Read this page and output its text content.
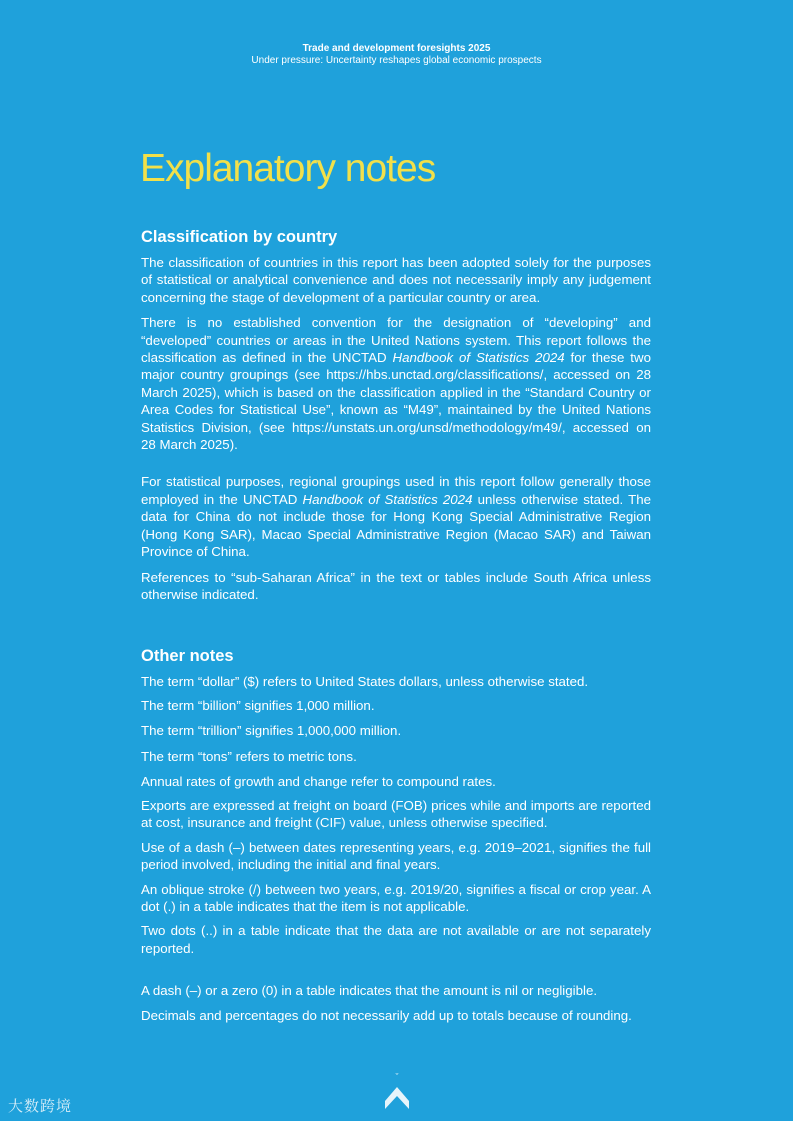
Trade and development foresights 2025
Under pressure: Uncertainty reshapes global economic prospects
Explanatory notes
Classification by country

The classification of countries in this report has been adopted solely for the purposes of statistical or analytical convenience and does not necessarily imply any judgement concerning the stage of development of a particular country or area.

There is no established convention for the designation of “developing” and “developed” countries or areas in the United Nations system. This report follows the classification as defined in the UNCTAD Handbook of Statistics 2024 for these two major country groupings (see https://hbs.unctad.org/classifications/, accessed on 28 March 2025), which is based on the classification applied in the “Standard Country or Area Codes for Statistical Use”, known as “M49”, maintained by the United Nations Statistics Division, (see https://unstats.un.org/unsd/methodology/m49/, accessed on 28 March 2025).

For statistical purposes, regional groupings used in this report follow generally those employed in the UNCTAD Handbook of Statistics 2024 unless otherwise stated. The data for China do not include those for Hong Kong Special Administrative Region (Hong Kong SAR), Macao Special Administrative Region (Macao SAR) and Taiwan Province of China.

References to “sub-Saharan Africa” in the text or tables include South Africa unless otherwise indicated.

Other notes

The term “dollar” ($) refers to United States dollars, unless otherwise stated.

The term “billion” signifies 1,000 million.

The term “trillion” signifies 1,000,000 million.

The term “tons” refers to metric tons.

Annual rates of growth and change refer to compound rates.

Exports are expressed at freight on board (FOB) prices while and imports are reported at cost, insurance and freight (CIF) value, unless otherwise specified.

Use of a dash (–) between dates representing years, e.g. 2019–2021, signifies the full period involved, including the initial and final years.

An oblique stroke (/) between two years, e.g. 2019/20, signifies a fiscal or crop year. A dot (.) in a table indicates that the item is not applicable.

Two dots (..) in a table indicate that the data are not available or are not separately reported.

A dash (–) or a zero (0) in a table indicates that the amount is nil or negligible.

Decimals and percentages do not necessarily add up to totals because of rounding.

ˇ
大数跨境
